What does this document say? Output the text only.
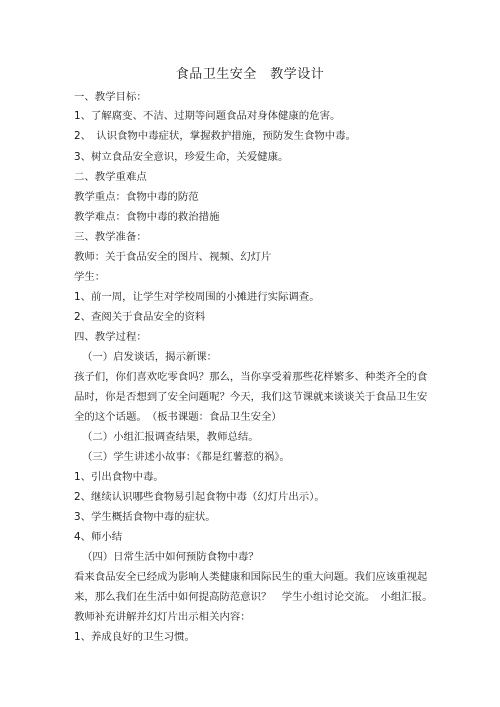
食品卫生安全　教学设计
一、教学目标：
1、了解腐变、不洁、过期等问题食品对身体健康的危害。
2、　认识食物中毒症状，掌握救护措施，预防发生食物中毒。
3、树立食品安全意识，珍爱生命，关爱健康。
二、教学重难点
教学重点：食物中毒的防范
教学难点：食物中毒的救治措施
三、教学准备：
教师：关于食品安全的图片、视频、幻灯片
学生：
1、前一周，让学生对学校周围的小摊进行实际调查。
2、查阅关于食品安全的资料
四、教学过程：
（一）启发谈话，揭示新课：
孩子们，你们喜欢吃零食吗？那么，当你享受着那些花样繁多、种类齐全的食品时，你是否想到了安全问题呢？今天，我们这节课就来谈谈关于食品卫生安全的这个话题。　（板书课题：食品卫生安全）
（二）小组汇报调查结果，教师总结。
（三）学生讲述小故事：《都是红薯惹的祸》。
1、引出食物中毒。
2、继续认识哪些食物易引起食物中毒（幻灯片出示）。
3、学生概括食物中毒的症状。
4、师小结
（四）日常生活中如何预防食物中毒？
看来食品安全已经成为影响人类健康和国际民生的重大问题。我们应该重视起来，那么我们在生活中如何提高防范意识？　学生小组讨论交流。　小组汇报。
教师补充讲解并幻灯片出示相关内容：
1、养成良好的卫生习惯。
